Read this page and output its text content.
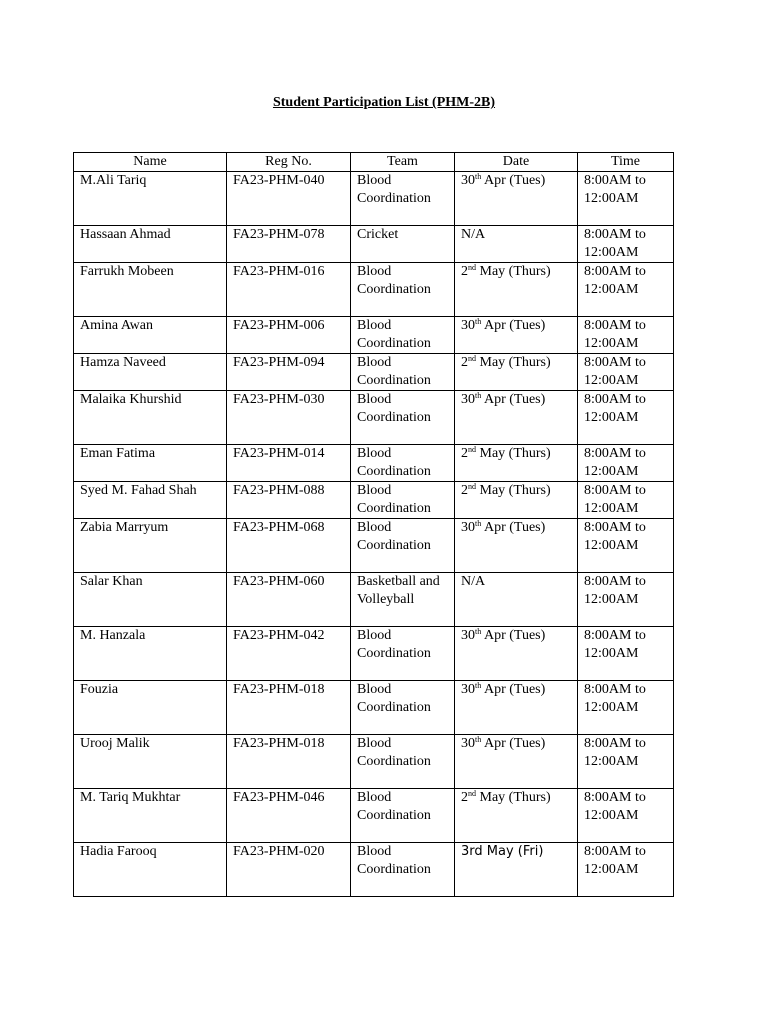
Student Participation List (PHM-2B)
Name	Reg No.	Team	Date	Time
M.Ali Tariq	FA23-PHM-040	Blood Coordination	30th Apr (Tues)	8:00AM to 12:00AM
Hassaan Ahmad	FA23-PHM-078	Cricket	N/A	8:00AM to 12:00AM
Farrukh Mobeen	FA23-PHM-016	Blood Coordination	2nd May (Thurs)	8:00AM to 12:00AM
Amina Awan	FA23-PHM-006	Blood Coordination	30th Apr (Tues)	8:00AM to 12:00AM
Hamza Naveed	FA23-PHM-094	Blood Coordination	2nd May (Thurs)	8:00AM to 12:00AM
Malaika Khurshid	FA23-PHM-030	Blood Coordination	30th Apr (Tues)	8:00AM to 12:00AM
Eman Fatima	FA23-PHM-014	Blood Coordination	2nd May (Thurs)	8:00AM to 12:00AM
Syed M. Fahad Shah	FA23-PHM-088	Blood Coordination	2nd May (Thurs)	8:00AM to 12:00AM
Zabia Marryum	FA23-PHM-068	Blood Coordination	30th Apr (Tues)	8:00AM to 12:00AM
Salar Khan	FA23-PHM-060	Basketball and Volleyball	N/A	8:00AM to 12:00AM
M. Hanzala	FA23-PHM-042	Blood Coordination	30th Apr (Tues)	8:00AM to 12:00AM
Fouzia	FA23-PHM-018	Blood Coordination	30th Apr (Tues)	8:00AM to 12:00AM
Urooj Malik	FA23-PHM-018	Blood Coordination	30th Apr (Tues)	8:00AM to 12:00AM
M. Tariq Mukhtar	FA23-PHM-046	Blood Coordination	2nd May (Thurs)	8:00AM to 12:00AM
Hadia Farooq	FA23-PHM-020	Blood Coordination	3rd May (Fri)	8:00AM to 12:00AM
